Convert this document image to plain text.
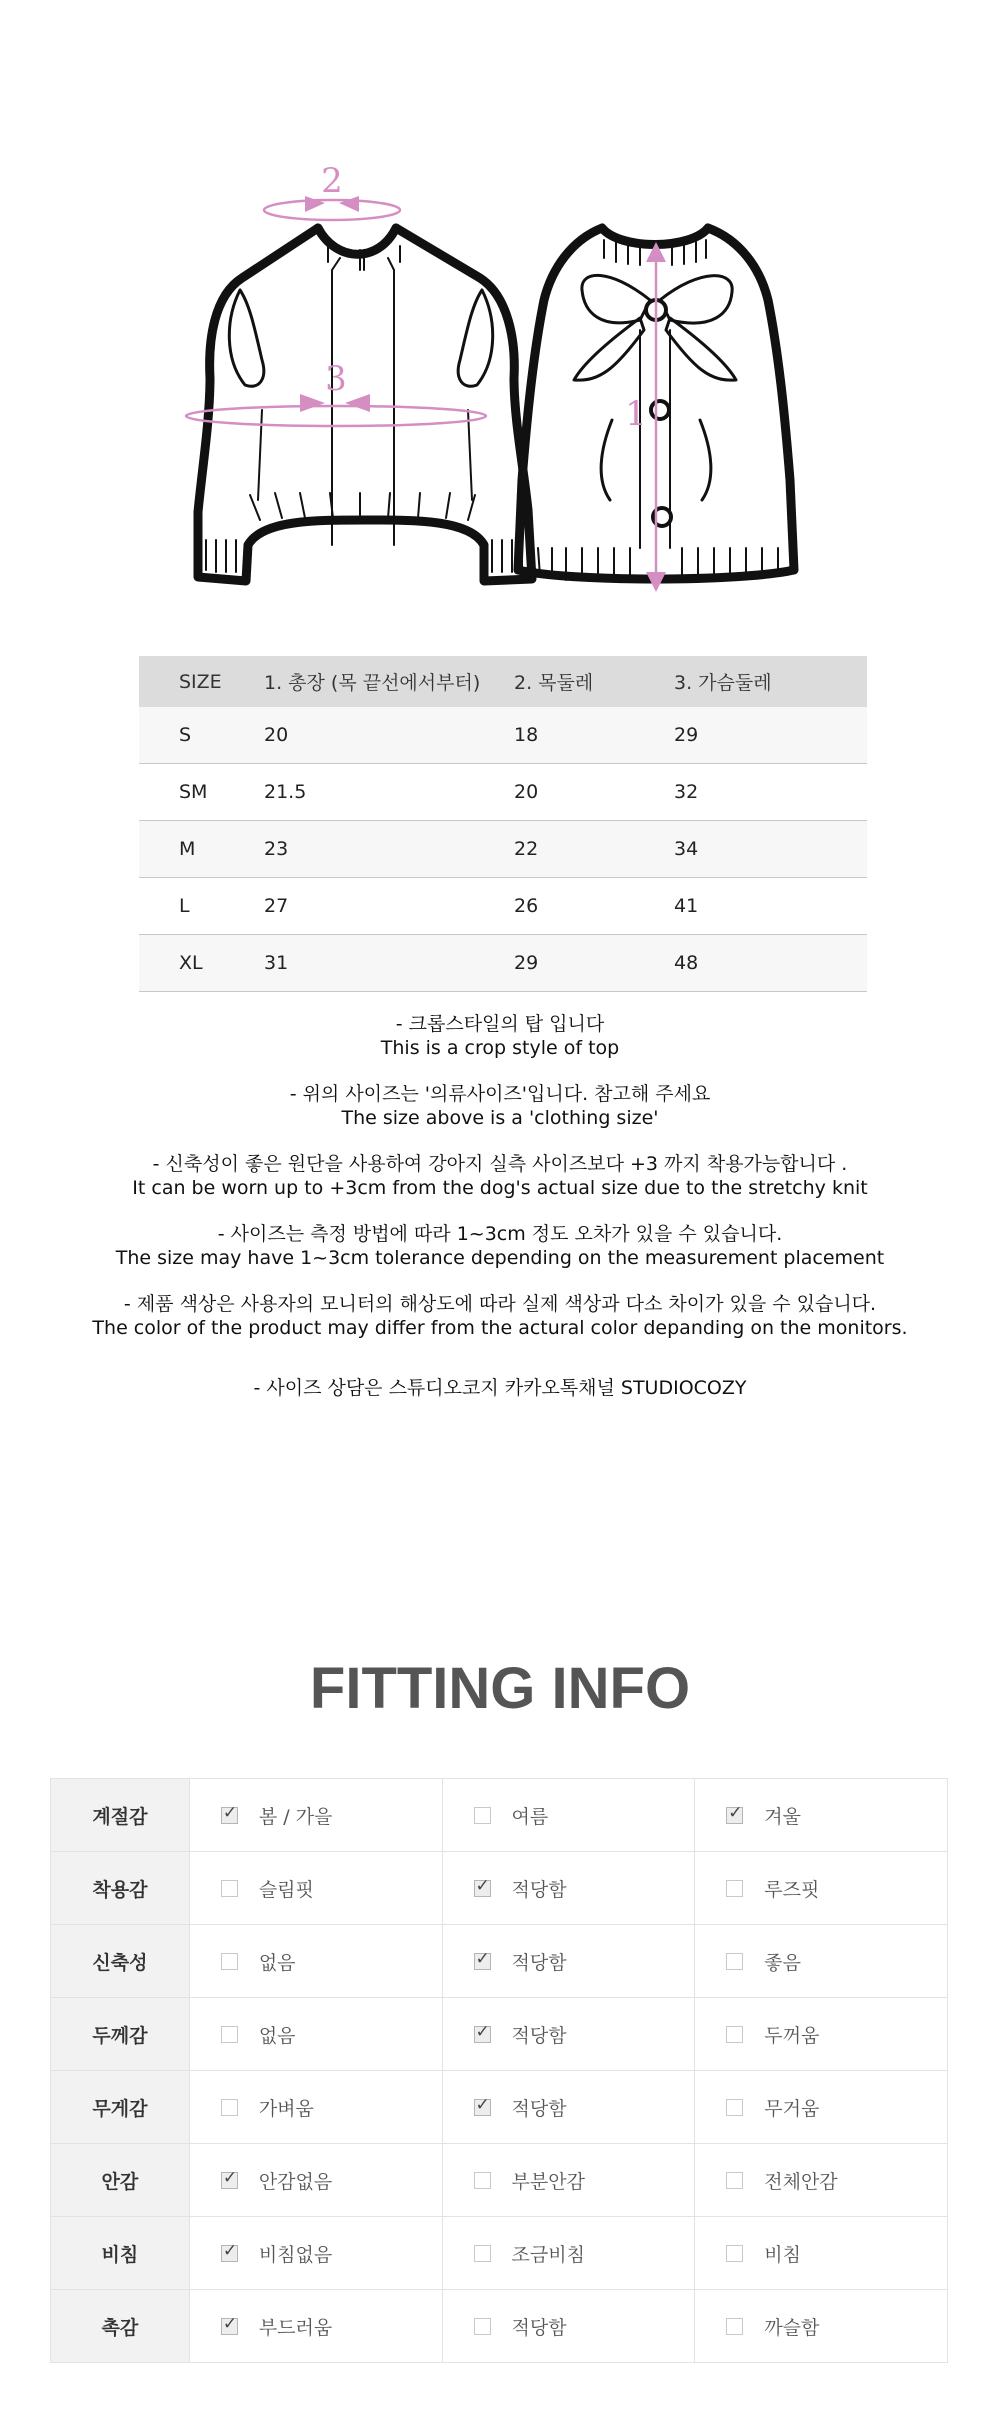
2
3
1
SIZE	1. 총장 (목 끝선에서부터)	2. 목둘레	3. 가슴둘레
S	20	18	29
SM	21.5	20	32
M	23	22	34
L	27	26	41
XL	31	29	48

- 크롭스타일의 탑 입니다

This is a crop style of top

- 위의 사이즈는 '의류사이즈'입니다. 참고해 주세요

The size above is a 'clothing size'

- 신축성이 좋은 원단을 사용하여 강아지 실측 사이즈보다 +3 까지 착용가능합니다 .

It can be worn up to +3cm from the dog's actual size due to the stretchy knit

- 사이즈는 측정 방법에 따라 1~3cm 정도 오차가 있을 수 있습니다.

The size may have 1~3cm tolerance depending on the measurement placement

- 제품 색상은 사용자의 모니터의 해상도에 따라 실제 색상과 다소 차이가 있을 수 있습니다.

The color of the product may differ from the actural color depanding on the monitors.

- 사이즈 상담은 스튜디오코지 카카오톡채널 STUDIOCOZY

FITTING INFO
계절감	✓ 봄 / 가을	여름	✓ 겨울
착용감	슬림핏	✓ 적당함	루즈핏
신축성	없음	✓ 적당함	좋음
두께감	없음	✓ 적당함	두꺼움
무게감	가벼움	✓ 적당함	무거움
안감	✓ 안감없음	부분안감	전체안감
비침	✓ 비침없음	조금비침	비침
촉감	✓ 부드러움	적당함	까슬함
